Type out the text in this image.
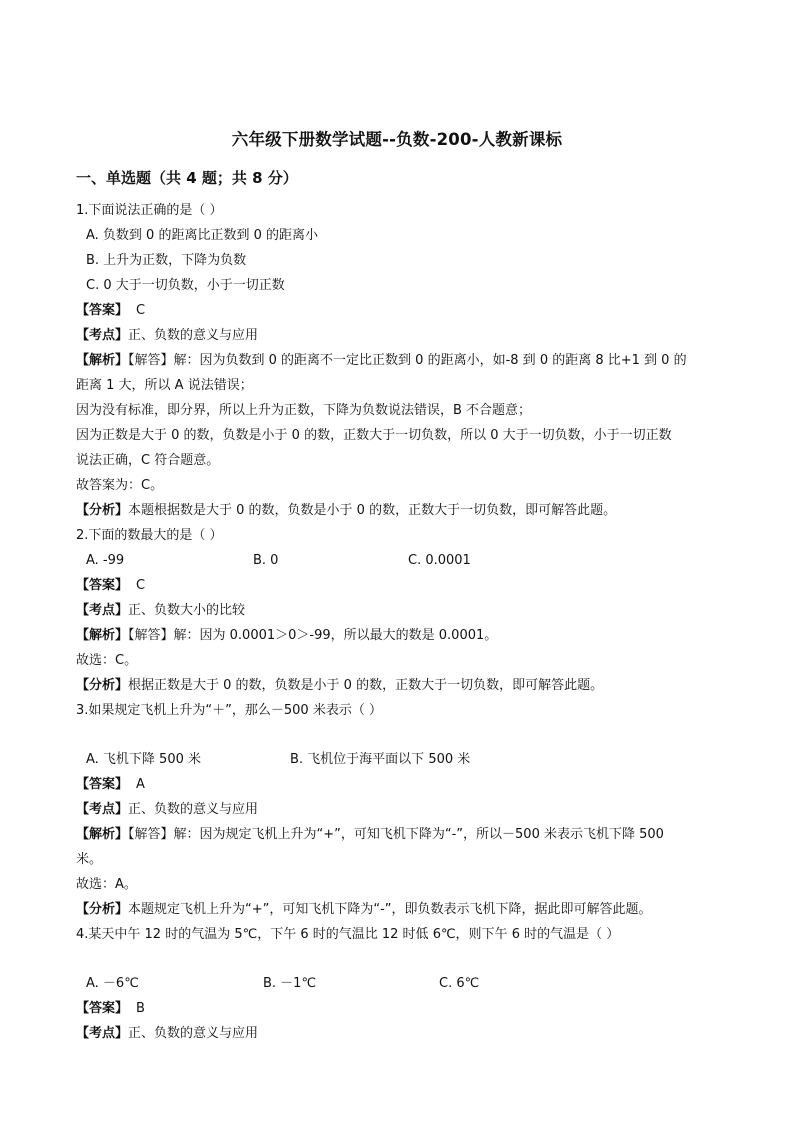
六年级下册数学试题--负数-200-人教新课标
一、单选题（共 4 题；共 8 分）
1.下面说法正确的是（ ）
A. 负数到 0 的距离比正数到 0 的距离小
B. 上升为正数，下降为负数
C. 0 大于一切负数，小于一切正数
【答案】 C
【考点】正、负数的意义与应用
【解析】【解答】解：因为负数到 0 的距离不一定比正数到 0 的距离小，如-8 到 0 的距离 8 比+1 到 0 的
距离 1 大，所以 A 说法错误；
因为没有标准，即分界，所以上升为正数，下降为负数说法错误，B 不合题意；
因为正数是大于 0 的数，负数是小于 0 的数，正数大于一切负数，所以 0 大于一切负数，小于一切正数
说法正确，C 符合题意。
故答案为：C。
【分析】本题根据数是大于 0 的数，负数是小于 0 的数，正数大于一切负数，即可解答此题。
2.下面的数最大的是（ ）
A. -99	B. 0	C. 0.0001
【答案】 C
【考点】正、负数大小的比较
【解析】【解答】解：因为 0.0001＞0＞-99，所以最大的数是 0.0001。
故选：C。
【分析】根据正数是大于 0 的数，负数是小于 0 的数，正数大于一切负数，即可解答此题。
3.如果规定飞机上升为“＋”，那么－500 米表示（ ）
A. 飞机下降 500 米	B. 飞机位于海平面以下 500 米
【答案】 A
【考点】正、负数的意义与应用
【解析】【解答】解：因为规定飞机上升为“+”，可知飞机下降为“-”，所以－500 米表示飞机下降 500
米。
故选：A。
【分析】本题规定飞机上升为“+”，可知飞机下降为“-”，即负数表示飞机下降，据此即可解答此题。
4.某天中午 12 时的气温为 5℃，下午 6 时的气温比 12 时低 6℃，则下午 6 时的气温是（ ）
A. －6℃	B. －1℃	C. 6℃
【答案】 B
【考点】正、负数的意义与应用
